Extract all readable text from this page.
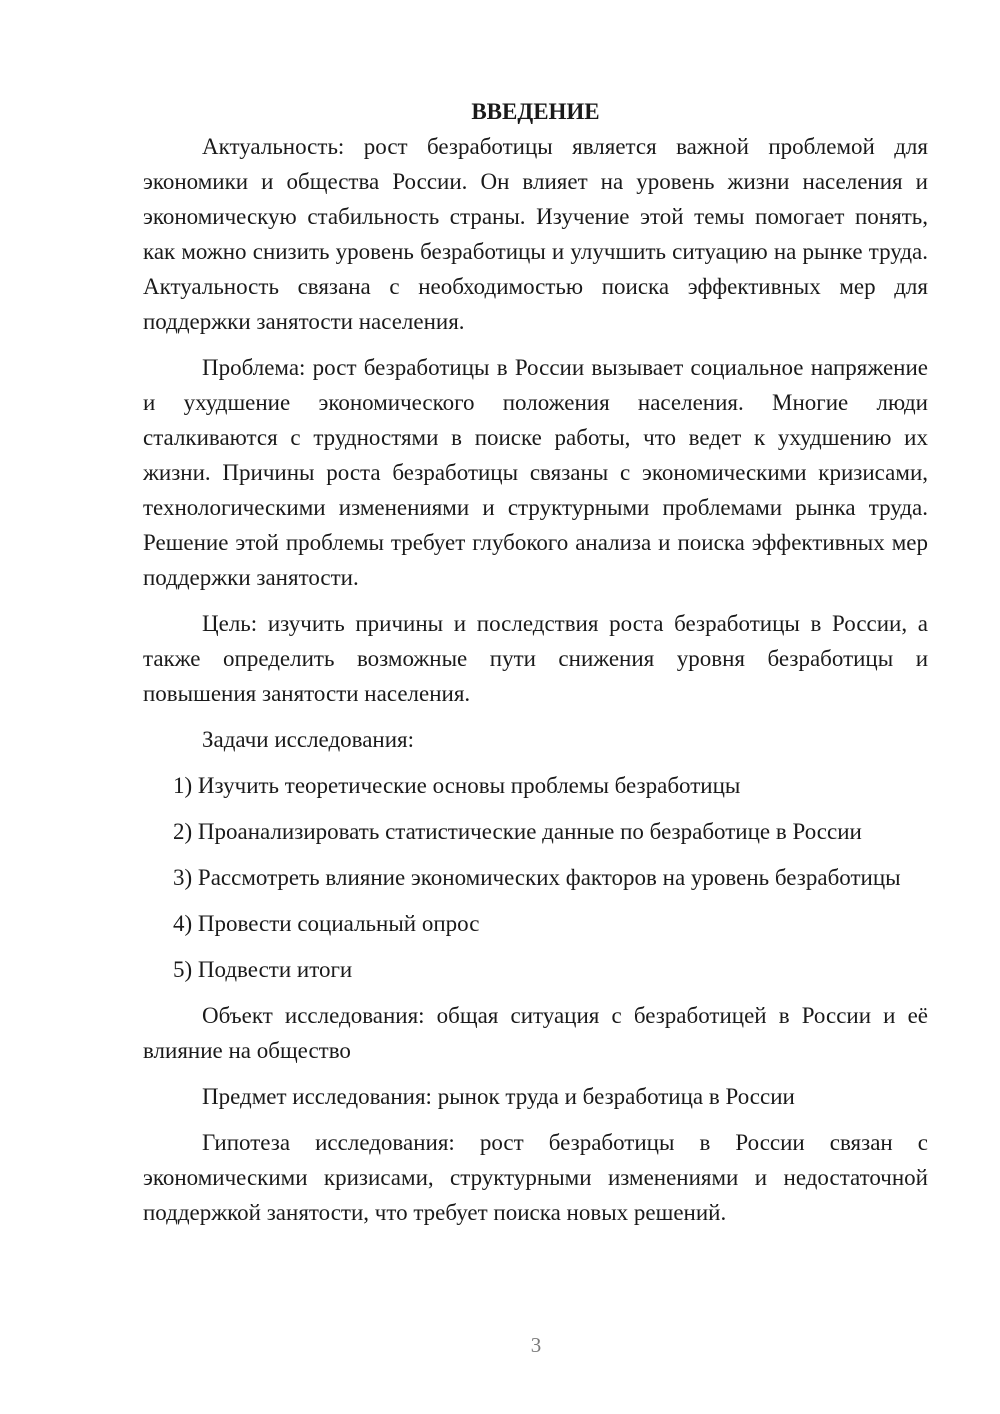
ВВЕДЕНИЕ

Актуальность: рост безработицы является важной проблемой для экономики и общества России. Он влияет на уровень жизни населения и экономическую стабильность страны. Изучение этой темы помогает понять, как можно снизить уровень безработицы и улучшить ситуацию на рынке труда. Актуальность связана с необходимостью поиска эффективных мер для поддержки занятости населения.

Проблема: рост безработицы в России вызывает социальное напряжение и ухудшение экономического положения населения. Многие люди сталкиваются с трудностями в поиске работы, что ведет к ухудшению их жизни. Причины роста безработицы связаны с экономическими кризисами, технологическими изменениями и структурными проблемами рынка труда. Решение этой проблемы требует глубокого анализа и поиска эффективных мер поддержки занятости.

Цель: изучить причины и последствия роста безработицы в России, а также определить возможные пути снижения уровня безработицы и повышения занятости населения.

Задачи исследования:

1) Изучить теоретические основы проблемы безработицы

2) Проанализировать статистические данные по безработице в России

3) Рассмотреть влияние экономических факторов на уровень безработицы

4) Провести социальный опрос

5) Подвести итоги

Объект исследования: общая ситуация с безработицей в России и её влияние на общество

Предмет исследования: рынок труда и безработица в России

Гипотеза исследования: рост безработицы в России связан с экономическими кризисами, структурными изменениями и недостаточной поддержкой занятости, что требует поиска новых решений.

3
